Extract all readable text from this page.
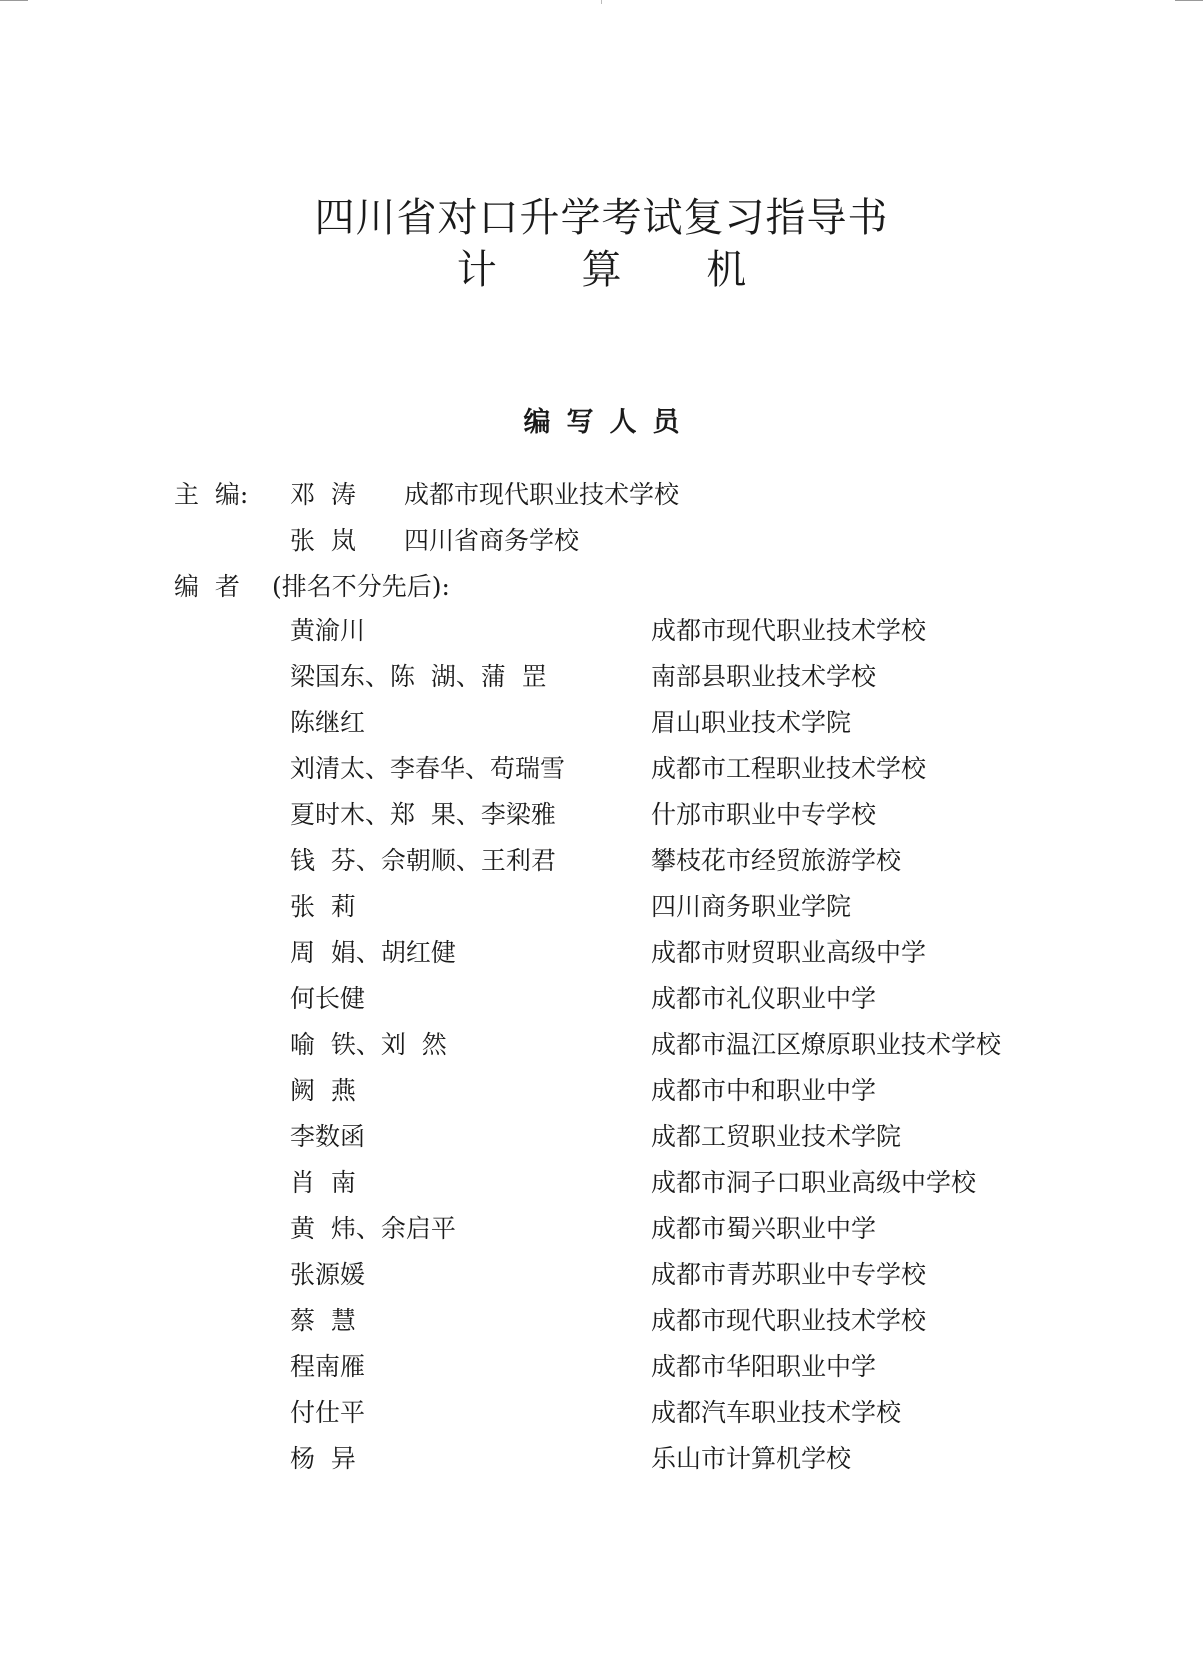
四川省对口升学考试复习指导书
计 算 机
编写人员
主  编: 邓  涛 成都市现代职业技术学校
张  岚 四川省商务学校
编  者 (排名不分先后):
黄渝川	成都市现代职业技术学校
梁国东、陈  湖、蒲  罡	南部县职业技术学校
陈继红	眉山职业技术学院
刘清太、李春华、苟瑞雪	成都市工程职业技术学校
夏时木、郑  果、李梁雅	什邡市职业中专学校
钱  芬、佘朝顺、王利君	攀枝花市经贸旅游学校
张  莉	四川商务职业学院
周  娟、胡红健	成都市财贸职业高级中学
何长健	成都市礼仪职业中学
喻  铁、刘  然	成都市温江区燎原职业技术学校
阙  燕	成都市中和职业中学
李数函	成都工贸职业技术学院
肖  南	成都市洞子口职业高级中学校
黄  炜、余启平	成都市蜀兴职业中学
张源媛	成都市青苏职业中专学校
蔡  慧	成都市现代职业技术学校
程南雁	成都市华阳职业中学
付仕平	成都汽车职业技术学校
杨  异	乐山市计算机学校
